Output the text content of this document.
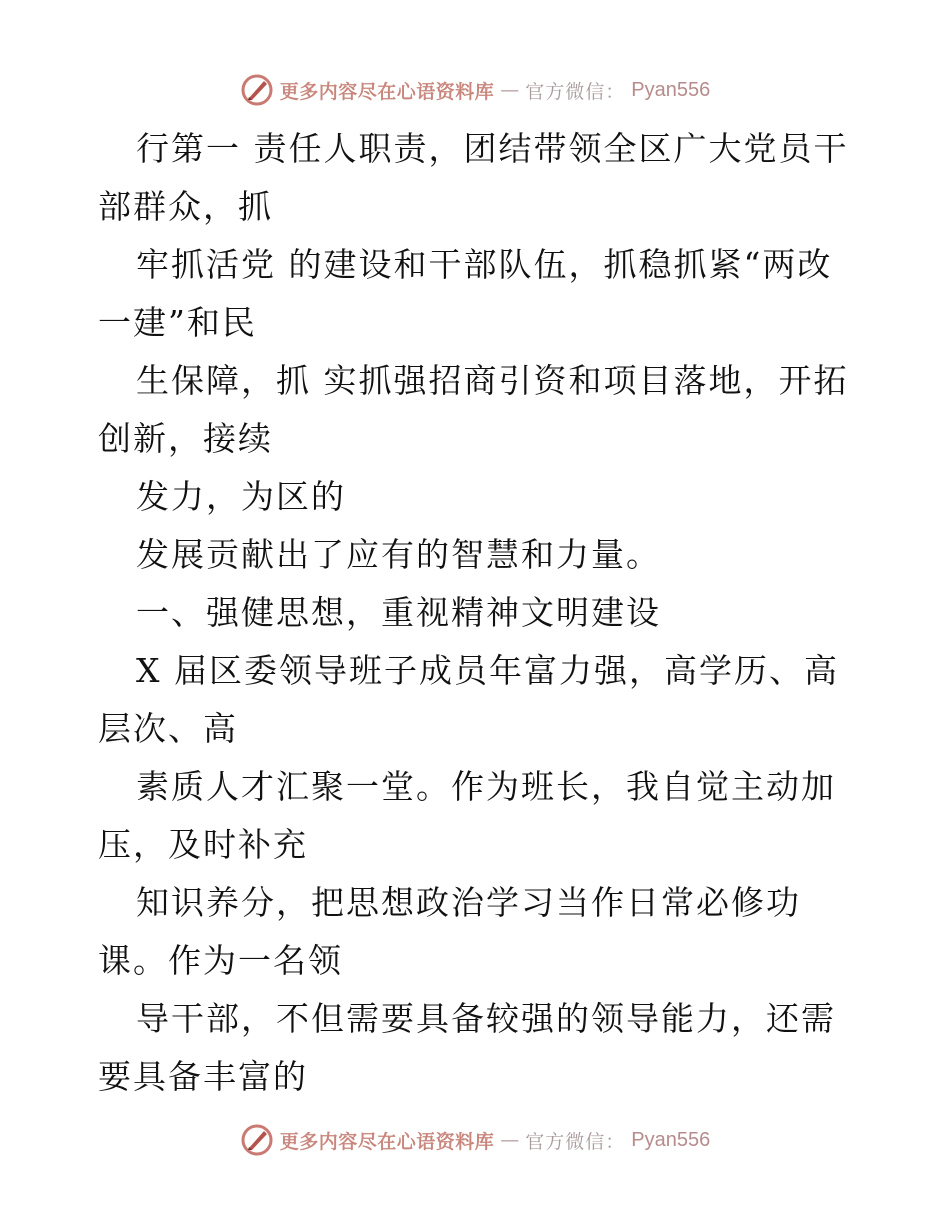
更多内容尽在心语资料库 — 官方微信： Pyan556

行第一 责任人职责，团结带领全区广大党员干部群众，抓

牢抓活党 的建设和干部队伍，抓稳抓紧“两改一建”和民

生保障，抓 实抓强招商引资和项目落地，开拓创新，接续

发力，为区的

发展贡献出了应有的智慧和力量。

一、强健思想，重视精神文明建设

X 届区委领导班子成员年富力强，高学历、高层次、高

素质人才汇聚一堂。作为班长，我自觉主动加压，及时补充

知识养分，把思想政治学习当作日常必修功课。作为一名领

导干部，不但需要具备较强的领导能力，还需要具备丰富的

更多内容尽在心语资料库 — 官方微信： Pyan556
